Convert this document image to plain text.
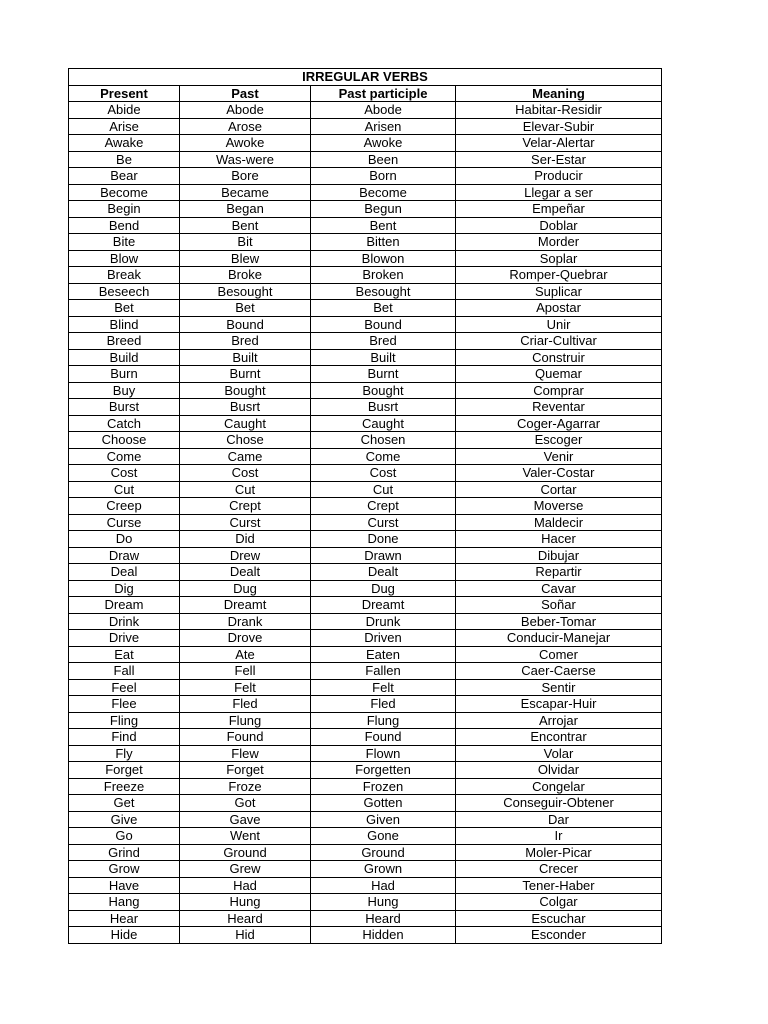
IRREGULAR VERBS			
Present	Past	Past participle	Meaning
Abide	Abode	Abode	Habitar-Residir
Arise	Arose	Arisen	Elevar-Subir
Awake	Awoke	Awoke	Velar-Alertar
Be	Was-were	Been	Ser-Estar
Bear	Bore	Born	Producir
Become	Became	Become	Llegar a ser
Begin	Began	Begun	Empeñar
Bend	Bent	Bent	Doblar
Bite	Bit	Bitten	Morder
Blow	Blew	Blowon	Soplar
Break	Broke	Broken	Romper-Quebrar
Beseech	Besought	Besought	Suplicar
Bet	Bet	Bet	Apostar
Blind	Bound	Bound	Unir
Breed	Bred	Bred	Criar-Cultivar
Build	Built	Built	Construir
Burn	Burnt	Burnt	Quemar
Buy	Bought	Bought	Comprar
Burst	Busrt	Busrt	Reventar
Catch	Caught	Caught	Coger-Agarrar
Choose	Chose	Chosen	Escoger
Come	Came	Come	Venir
Cost	Cost	Cost	Valer-Costar
Cut	Cut	Cut	Cortar
Creep	Crept	Crept	Moverse
Curse	Curst	Curst	Maldecir
Do	Did	Done	Hacer
Draw	Drew	Drawn	Dibujar
Deal	Dealt	Dealt	Repartir
Dig	Dug	Dug	Cavar
Dream	Dreamt	Dreamt	Soñar
Drink	Drank	Drunk	Beber-Tomar
Drive	Drove	Driven	Conducir-Manejar
Eat	Ate	Eaten	Comer
Fall	Fell	Fallen	Caer-Caerse
Feel	Felt	Felt	Sentir
Flee	Fled	Fled	Escapar-Huir
Fling	Flung	Flung	Arrojar
Find	Found	Found	Encontrar
Fly	Flew	Flown	Volar
Forget	Forget	Forgetten	Olvidar
Freeze	Froze	Frozen	Congelar
Get	Got	Gotten	Conseguir-Obtener
Give	Gave	Given	Dar
Go	Went	Gone	Ir
Grind	Ground	Ground	Moler-Picar
Grow	Grew	Grown	Crecer
Have	Had	Had	Tener-Haber
Hang	Hung	Hung	Colgar
Hear	Heard	Heard	Escuchar
Hide	Hid	Hidden	Esconder
